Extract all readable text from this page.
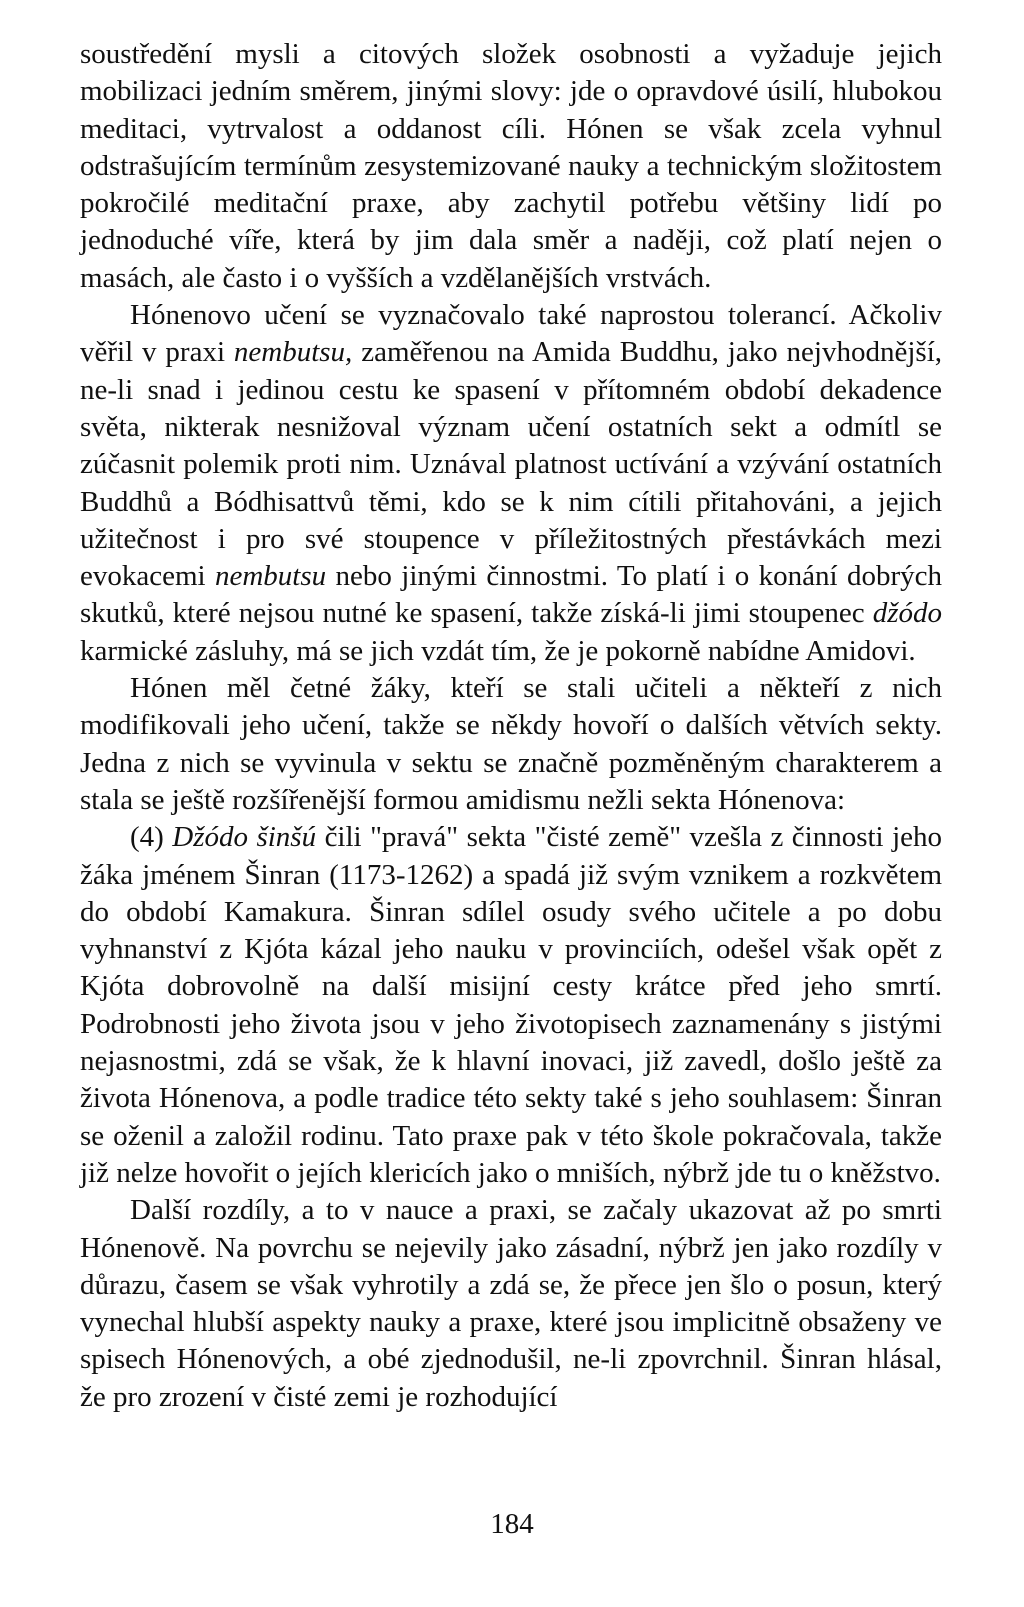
soustředění mysli a citových složek osobnosti a vyžaduje jejich mobilizaci jedním směrem, jinými slovy: jde o opravdové úsilí, hlubokou meditaci, vytrvalost a oddanost cíli. Hónen se však zcela vyhnul odstrašujícím termínům zesystemizované nauky a technickým složitostem pokročilé meditační praxe, aby zachytil potřebu většiny lidí po jednoduché víře, která by jim dala směr a naději, což platí nejen o masách, ale často i o vyšších a vzdělanějších vrstvách.

Hónenovo učení se vyznačovalo také naprostou tolerancí. Ačkoliv věřil v praxi nembutsu, zaměřenou na Amida Buddhu, jako nejvhodnější, ne-li snad i jedinou cestu ke spasení v přítomném období dekadence světa, nikterak nesnižoval význam učení ostatních sekt a odmítl se zúčasnit polemik proti nim. Uznával platnost uctívání a vzývání ostatních Buddhů a Bódhisattvů těmi, kdo se k nim cítili přitahováni, a jejich užitečnost i pro své stoupence v příležitostných přestávkách mezi evokacemi nembutsu nebo jinými činnostmi. To platí i o konání dobrých skutků, které nejsou nutné ke spasení, takže získá-li jimi stoupenec džódo karmické zásluhy, má se jich vzdát tím, že je pokorně nabídne Amidovi.

Hónen měl četné žáky, kteří se stali učiteli a někteří z nich modifikovali jeho učení, takže se někdy hovoří o dalších větvích sekty. Jedna z nich se vyvinula v sektu se značně pozměněným charakterem a stala se ještě rozšířenější formou amidismu nežli sekta Hónenova:

(4) Džódo šinšú čili "pravá" sekta "čisté země" vzešla z činnosti jeho žáka jménem Šinran (1173-1262) a spadá již svým vznikem a rozkvětem do období Kamakura. Šinran sdílel osudy svého učitele a po dobu vyhnanství z Kjóta kázal jeho nauku v provinciích, odešel však opět z Kjóta dobrovolně na další misijní cesty krátce před jeho smrtí. Podrobnosti jeho života jsou v jeho životopisech zaznamenány s jistými nejasnostmi, zdá se však, že k hlavní inovaci, již zavedl, došlo ještě za života Hónenova, a podle tradice této sekty také s jeho souhlasem: Šinran se oženil a založil rodinu. Tato praxe pak v této škole pokračovala, takže již nelze hovořit o jejích klericích jako o mniších, nýbrž jde tu o kněžstvo.

Další rozdíly, a to v nauce a praxi, se začaly ukazovat až po smrti Hónenově. Na povrchu se nejevily jako zásadní, nýbrž jen jako rozdíly v důrazu, časem se však vyhrotily a zdá se, že přece jen šlo o posun, který vynechal hlubší aspekty nauky a praxe, které jsou implicitně obsaženy ve spisech Hónenových, a obé zjednodušil, ne-li zpovrchnil. Šinran hlásal, že pro zrození v čisté zemi je rozhodující

184
